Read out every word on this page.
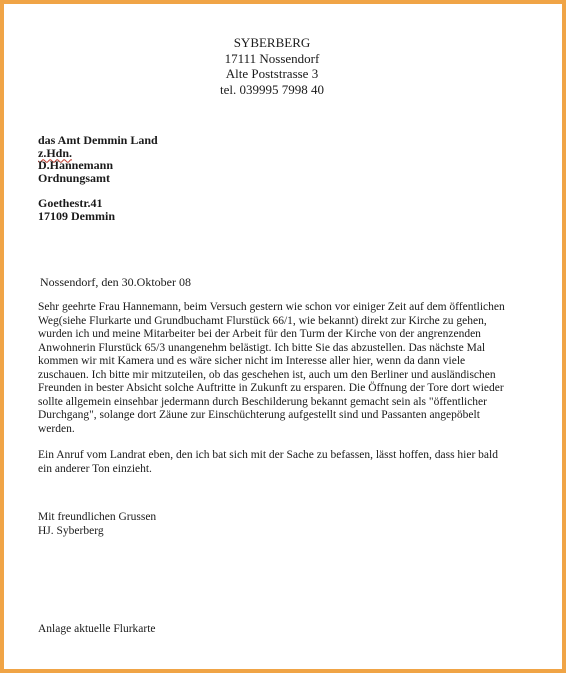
SYBERBERG
17111 Nossendorf
Alte Poststrasse 3
tel. 039995 7998 40
das Amt Demmin Land
z.Hdn.
D.Hannemann
Ordnungsamt
Goethestr.41
17109 Demmin
Nossendorf, den 30.Oktober 08

Sehr geehrte Frau Hannemann, beim Versuch gestern wie schon vor einiger Zeit auf dem öffentlichen Weg(siehe Flurkarte und Grundbuchamt Flurstück 66/1, wie bekannt) direkt zur Kirche zu gehen, wurden ich und meine Mitarbeiter bei der Arbeit für den Turm der Kirche von der angrenzenden Anwohnerin Flurstück 65/3 unangenehm belästigt. Ich bitte Sie das abzustellen. Das nächste Mal kommen wir mit Kamera und es wäre sicher nicht im Interesse aller hier, wenn da dann viele zuschauen. Ich bitte mir mitzuteilen, ob das geschehen ist, auch um den Berliner und ausländischen Freunden in bester Absicht solche Auftritte in Zukunft zu ersparen. Die Öffnung der Tore dort wieder sollte allgemein einsehbar jedermann durch Beschilderung bekannt gemacht sein als "öffentlicher Durchgang", solange dort Zäune zur Einschüchterung aufgestellt sind und Passanten angepöbelt werden.

Ein Anruf vom Landrat eben, den ich bat sich mit der Sache zu befassen, lässt hoffen, dass hier bald ein anderer Ton einzieht.

Mit freundlichen Grussen
HJ. Syberberg
Anlage aktuelle Flurkarte
